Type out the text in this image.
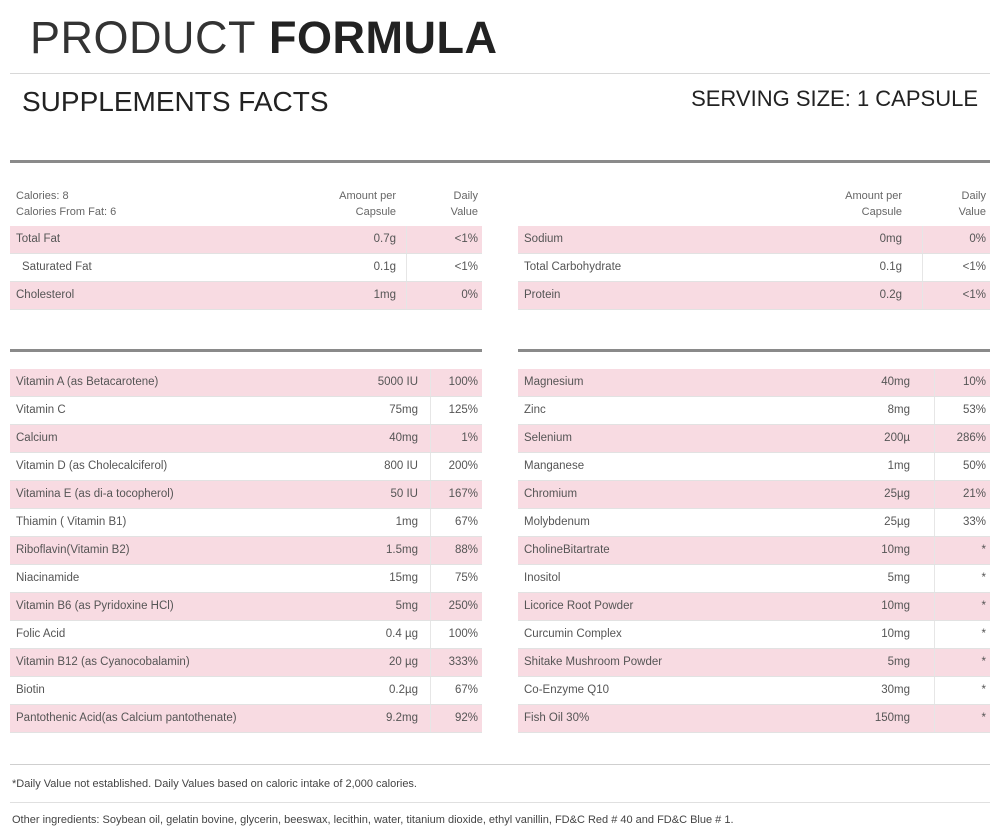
PRODUCT FORMULA
SUPPLEMENTS FACTS	SERVING SIZE: 1 CAPSULE
Calories: 8
Calories From Fat: 6
Amount per
Capsule
Daily
Value
Total Fat	0.7g	<1%
Saturated Fat	0.1g	<1%
Cholesterol	1mg	0%
Amount per
Capsule
Daily
Value
Sodium	0mg	0%
Total Carbohydrate	0.1g	<1%
Protein	0.2g	<1%
Vitamin A (as Betacarotene)	5000 IU	100%
Vitamin C	75mg	125%
Calcium	40mg	1%
Vitamin D (as Cholecalciferol)	800 IU	200%
Vitamina E (as di-a tocopherol)	50 IU	167%
Thiamin ( Vitamin B1)	1mg	67%
Riboflavin(Vitamin B2)	1.5mg	88%
Niacinamide	15mg	75%
Vitamin B6 (as Pyridoxine HCl)	5mg	250%
Folic Acid	0.4 µg	100%
Vitamin B12 (as Cyanocobalamin)	20 µg	333%
Biotin	0.2µg	67%
Pantothenic Acid(as Calcium pantothenate)	9.2mg	92%
Magnesium	40mg	10%
Zinc	8mg	53%
Selenium	200µ	286%
Manganese	1mg	50%
Chromium	25µg	21%
Molybdenum	25µg	33%
CholineBitartrate	10mg	*
Inositol	5mg	*
Licorice Root Powder	10mg	*
Curcumin Complex	10mg	*
Shitake Mushroom Powder	5mg	*
Co-Enzyme Q10	30mg	*
Fish Oil 30%	150mg	*
*Daily Value not established. Daily Values based on caloric intake of 2,000 calories.
Other ingredients: Soybean oil, gelatin bovine, glycerin, beeswax, lecithin, water, titanium dioxide, ethyl vanillin, FD&C Red # 40 and FD&C Blue # 1.
